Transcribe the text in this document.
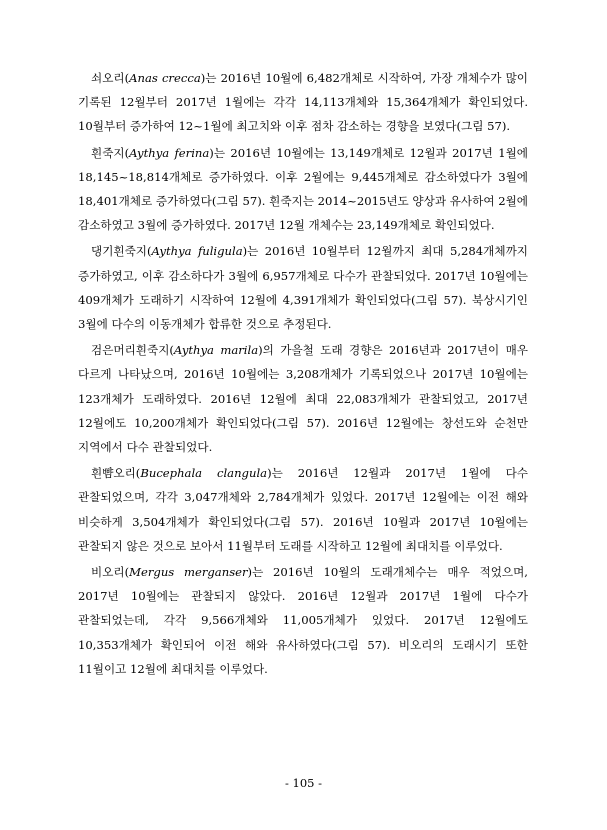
쇠오리(Anas crecca)는 2016년 10월에 6,482개체로 시작하여, 가장 개체수가 많이 기록된 12월부터 2017년 1월에는 각각 14,113개체와 15,364개체가 확인되었다. 10월부터 증가하여 12~1월에 최고치와 이후 점차 감소하는 경향을 보였다(그림 57).

흰죽지(Aythya ferina)는 2016년 10월에는 13,149개체로 12월과 2017년 1월에 18,145~18,814개체로 증가하였다. 이후 2월에는 9,445개체로 감소하였다가 3월에 18,401개체로 증가하였다(그림 57). 흰죽지는 2014~2015년도 양상과 유사하여 2월에 감소하였고 3월에 증가하였다. 2017년 12월 개체수는 23,149개체로 확인되었다.

댕기흰죽지(Aythya fuligula)는 2016년 10월부터 12월까지 최대 5,284개체까지 증가하였고, 이후 감소하다가 3월에 6,957개체로 다수가 관찰되었다. 2017년 10월에는 409개체가 도래하기 시작하여 12월에 4,391개체가 확인되었다(그림 57). 북상시기인 3월에 다수의 이동개체가 합류한 것으로 추정된다.

검은머리흰죽지(Aythya marila)의 가을철 도래 경향은 2016년과 2017년이 매우 다르게 나타났으며, 2016년 10월에는 3,208개체가 기록되었으나 2017년 10월에는 123개체가 도래하였다. 2016년 12월에 최대 22,083개체가 관찰되었고, 2017년 12월에도 10,200개체가 확인되었다(그림 57). 2016년 12월에는 창선도와 순천만 지역에서 다수 관찰되었다.

흰뺨오리(Bucephala clangula)는 2016년 12월과 2017년 1월에 다수 관찰되었으며, 각각 3,047개체와 2,784개체가 있었다. 2017년 12월에는 이전 해와 비슷하게 3,504개체가 확인되었다(그림 57). 2016년 10월과 2017년 10월에는 관찰되지 않은 것으로 보아서 11월부터 도래를 시작하고 12월에 최대치를 이루었다.

비오리(Mergus merganser)는 2016년 10월의 도래개체수는 매우 적었으며, 2017년 10월에는 관찰되지 않았다. 2016년 12월과 2017년 1월에 다수가 관찰되었는데, 각각 9,566개체와 11,005개체가 있었다. 2017년 12월에도 10,353개체가 확인되어 이전 해와 유사하였다(그림 57). 비오리의 도래시기 또한 11월이고 12월에 최대치를 이루었다.

- 105 -
